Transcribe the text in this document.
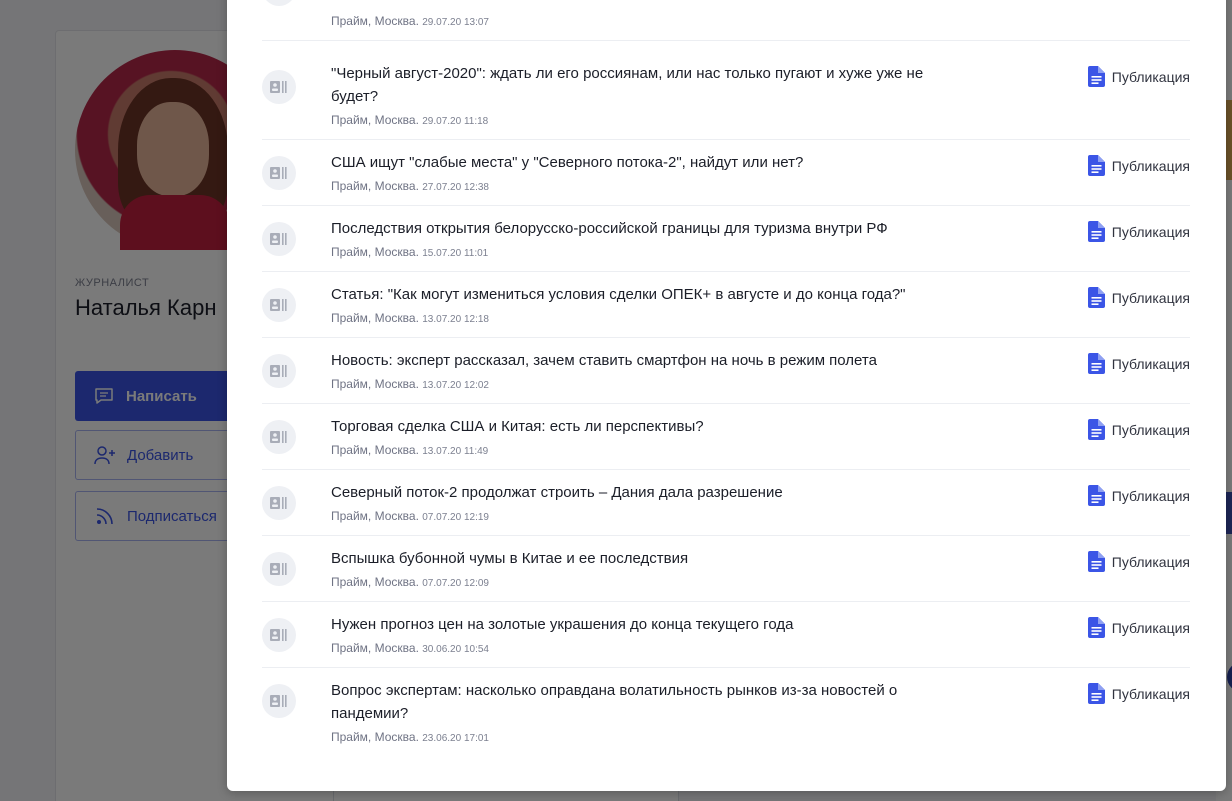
Прайм, Москва. 29.07.20 13:07
"Черный август-2020": ждать ли его россиянам, или нас только пугают и хуже уже не будет?
Прайм, Москва. 29.07.20 11:18
Публикация
США ищут "слабые места" у "Северного потока-2", найдут или нет?
Прайм, Москва. 27.07.20 12:38
Публикация
Последствия открытия белорусско-российской границы для туризма внутри РФ
Прайм, Москва. 15.07.20 11:01
Публикация
Статья: "Как могут измениться условия сделки ОПЕК+ в августе и до конца года?"
Прайм, Москва. 13.07.20 12:18
Публикация
Новость: эксперт рассказал, зачем ставить смартфон на ночь в режим полета
Прайм, Москва. 13.07.20 12:02
Публикация
Торговая сделка США и Китая: есть ли перспективы?
Прайм, Москва. 13.07.20 11:49
Публикация
Северный поток-2 продолжат строить – Дания дала разрешение
Прайм, Москва. 07.07.20 12:19
Публикация
Вспышка бубонной чумы в Китае и ее последствия
Прайм, Москва. 07.07.20 12:09
Публикация
Нужен прогноз цен на золотые украшения до конца текущего года
Прайм, Москва. 30.06.20 10:54
Публикация
Вопрос экспертам: насколько оправдана волатильность рынков из-за новостей о пандемии?
Прайм, Москва. 23.06.20 17:01
Публикация
